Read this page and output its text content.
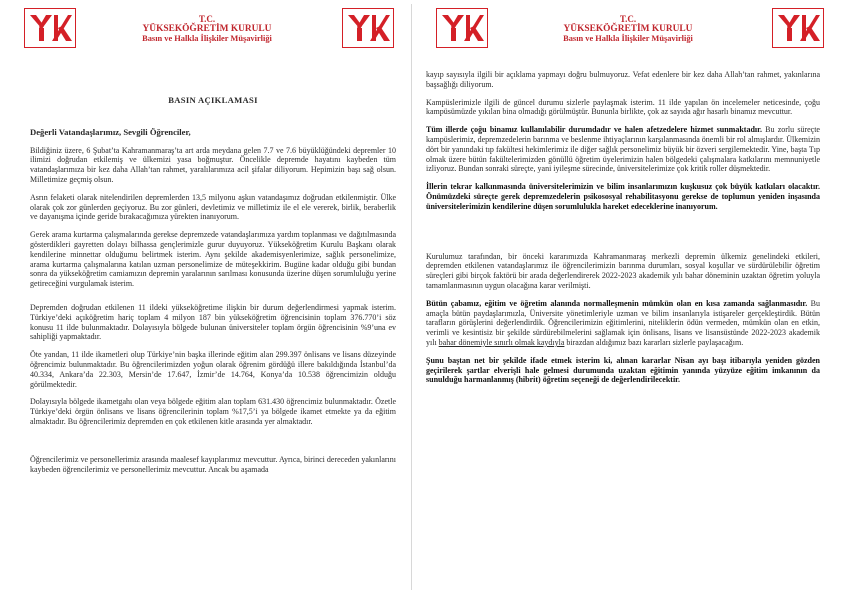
T.C.
YÜKSEKÖĞRETİM KURULU
Basın ve Halkla İlişkiler Müşavirliği

BASIN AÇIKLAMASI

Değerli Vatandaşlarımız, Sevgili Öğrenciler,

Bildiğiniz üzere, 6 Şubat’ta Kahramanmaraş’ta art arda meydana gelen 7.7 ve 7.6 büyüklüğündeki depremler 10 ilimizi doğrudan etkilemiş ve ülkemizi yasa boğmuştur. Öncelikle depremde hayatını kaybeden tüm vatandaşlarımıza bir kez daha Allah’tan rahmet, yaralılarımıza acil şifalar diliyorum. Hepimizin başı sağ olsun. Milletimize geçmiş olsun.

Asrın felaketi olarak nitelendirilen depremlerden 13,5 milyonu aşkın vatandaşımız doğrudan etkilenmiştir. Ülke olarak çok zor günlerden geçiyoruz. Bu zor günleri, devletimiz ve milletimiz ile el ele vererek, birlik, beraberlik ve dayanışma içinde geride bırakacağımıza yürekten inanıyorum.

Gerek arama kurtarma çalışmalarında gerekse depremzede vatandaşlarımıza yardım toplanması ve dağıtılmasında gösterdikleri gayretten dolayı bilhassa gençlerimizle gurur duyuyoruz. Yükseköğretim Kurulu Başkanı olarak kendilerine minnettar olduğumu belirtmek isterim. Aynı şekilde akademisyenlerimize, sağlık personelimize, arama kurtarma çalışmalarına katılan uzman personelimize de müteşekkirim. Bugüne kadar olduğu gibi bundan sonra da yükseköğretim camiamızın depremin yaralarının sarılması konusunda üzerine düşen sorumluluğu yerine getireceğini vurgulamak isterim.

Depremden doğrudan etkilenen 11 ildeki yükseköğretime ilişkin bir durum değerlendirmesi yapmak isterim. Türkiye’deki açıköğretim hariç toplam 4 milyon 187 bin yükseköğretim öğrencisinin toplam 376.770’i söz konusu 11 ilde bulunmaktadır. Dolayısıyla bölgede bulunan üniversiteler toplam örgün öğrencisinin %9’una ev sahipliği yapmaktadır.

Öte yandan, 11 ilde ikametleri olup Türkiye’nin başka illerinde eğitim alan 299.397 önlisans ve lisans düzeyinde öğrencimiz bulunmaktadır. Bu öğrencilerimizden yoğun olarak öğrenim gördüğü illere bakıldığında İstanbul’da 40.334, Ankara’da 22.303, Mersin’de 17.647, İzmir’de 14.764, Konya’da 10.538 öğrencimizin olduğu görülmektedir.

Dolayısıyla bölgede ikametgahı olan veya bölgede eğitim alan toplam 631.430 öğrencimiz bulunmaktadır. Özetle Türkiye’deki örgün önlisans ve lisans öğrencilerinin toplam %17,5’i ya bölgede ikamet etmekte ya da eğitim almaktadır. Bu öğrencilerimiz depremden en çok etkilenen kitle arasında yer almaktadır.

Öğrencilerimiz ve personellerimiz arasında maalesef kayıplarımız mevcuttur. Ayrıca, birinci dereceden yakınlarını kaybeden öğrencilerimiz ve personellerimiz mevcuttur. Ancak bu aşamada

T.C.
YÜKSEKÖĞRETİM KURULU
Basın ve Halkla İlişkiler Müşavirliği

kayıp sayısıyla ilgili bir açıklama yapmayı doğru bulmuyoruz. Vefat edenlere bir kez daha Allah’tan rahmet, yakınlarına başsağlığı diliyorum.

Kampüslerimizle ilgili de güncel durumu sizlerle paylaşmak isterim. 11 ilde yapılan ön incelemeler neticesinde, çoğu kampüsümüzde yıkılan bina olmadığı görülmüştür. Bununla birlikte, çok az sayıda ağır hasarlı binamız mevcuttur.

Tüm illerde çoğu binamız kullanılabilir durumdadır ve halen afetzedelere hizmet sunmaktadır. Bu zorlu süreçte kampüslerimiz, depremzedelerin barınma ve beslenme ihtiyaçlarının karşılanmasında önemli bir rol almışlardır. Ülkemizin dört bir yanındaki tıp fakültesi hekimlerimiz ile diğer sağlık personelimiz büyük bir özveri sergilemektedir. Yine, başta Tıp olmak üzere bütün fakültelerimizden gönüllü öğretim üyelerimizin halen bölgedeki çalışmalara katkılarını memnuniyetle izliyoruz. Bundan sonraki süreçte, yani iyileşme sürecinde, üniversitelerimize çok kritik roller düşmektedir.

İllerin tekrar kalkınmasında üniversitelerimizin ve bilim insanlarımızın kuşkusuz çok büyük katkıları olacaktır. Önümüzdeki süreçte gerek depremzedelerin psikososyal rehabilitasyonu gerekse de toplumun yeniden inşasında üniversitelerimizin kendilerine düşen sorumlulukla hareket edeceklerine inanıyorum.

Kurulumuz tarafından, bir önceki kararımızda Kahramanmaraş merkezli depremin ülkemiz genelindeki etkileri, depremden etkilenen vatandaşlarımız ile öğrencilerimizin barınma durumları, sosyal koşullar ve sürdürülebilir öğretim süreçleri gibi birçok faktörü bir arada değerlendirerek 2022-2023 akademik yılı bahar döneminin uzaktan öğretim yoluyla tamamlanmasının uygun olacağına karar verilmişti.

Bütün çabamız, eğitim ve öğretim alanında normalleşmenin mümkün olan en kısa zamanda sağlanmasıdır. Bu amaçla bütün paydaşlarımızla, Üniversite yönetimleriyle uzman ve bilim insanlarıyla istişareler gerçekleştirdik. Bütün tarafların görüşlerini değerlendirdik. Öğrencilerimizin eğitimlerini, niteliklerin ödün vermeden, mümkün olan en etkin, verimli ve kesintisiz bir şekilde sürdürebilmelerini sağlamak için önlisans, lisans ve lisansüstünde 2022-2023 akademik yılı bahar dönemiyle sınırlı olmak kaydıyla birazdan aldığımız bazı kararları sizlerle paylaşacağım.

Şunu baştan net bir şekilde ifade etmek isterim ki, alınan kararlar Nisan ayı başı itibarıyla yeniden gözden geçirilerek şartlar elverişli hale gelmesi durumunda uzaktan eğitimin yanında yüzyüze eğitim imkanının da sunulduğu harmanlanmış (hibrit) öğretim seçeneği de değerlendirilecektir.
